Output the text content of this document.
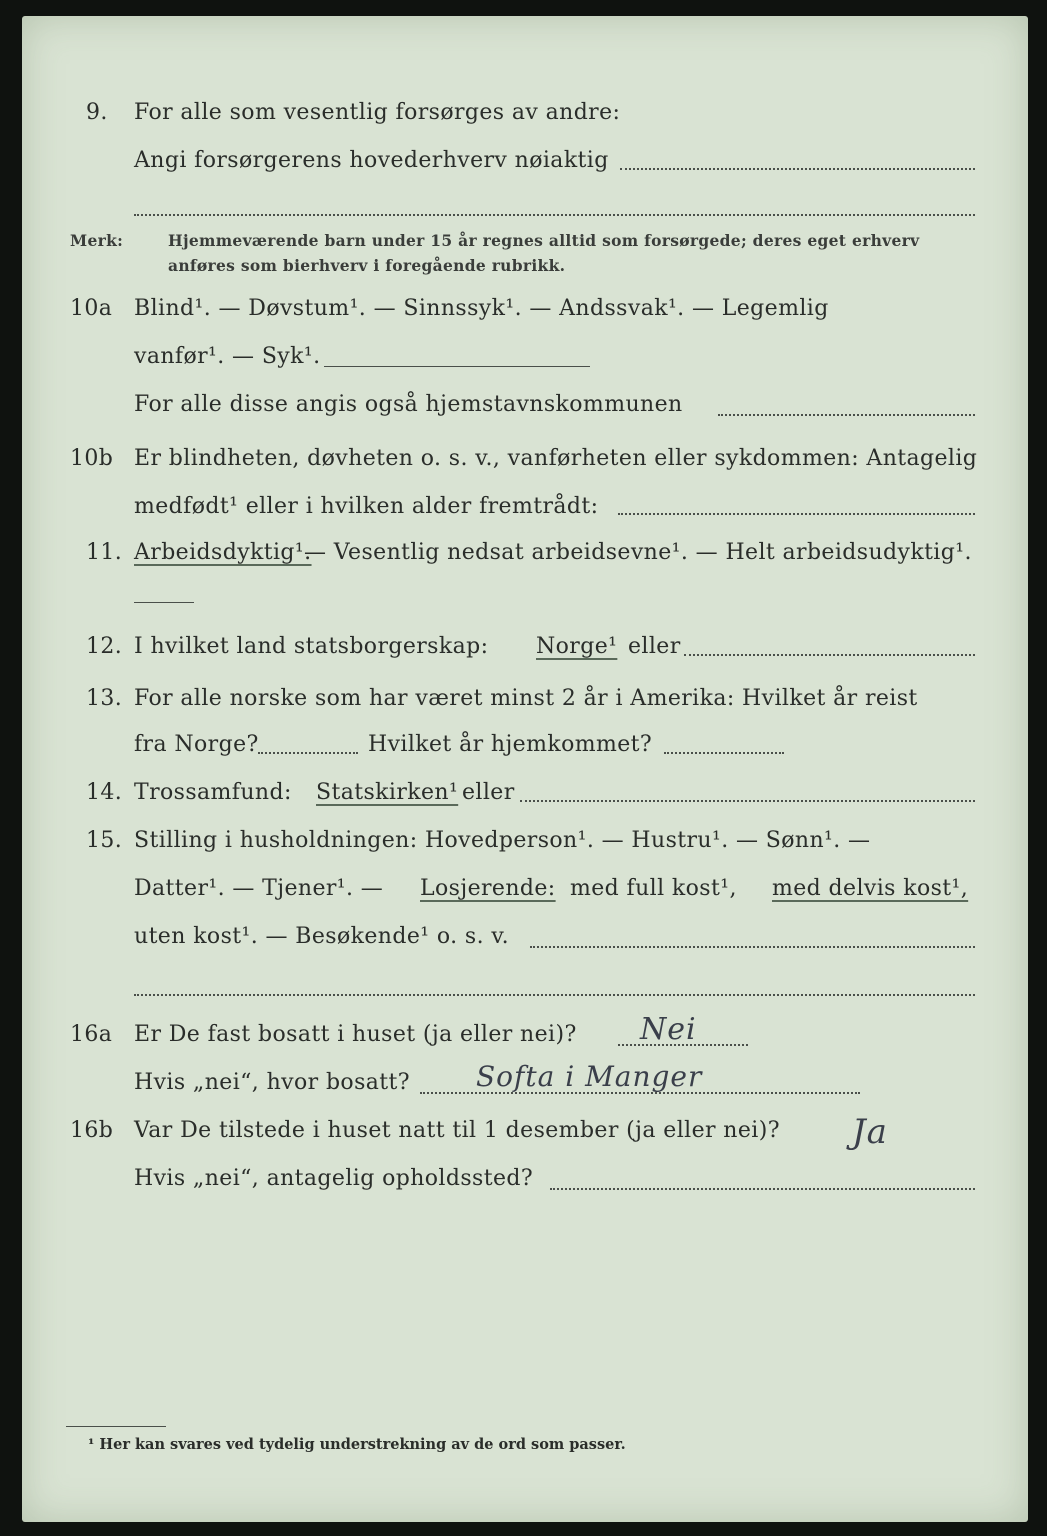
9.	For alle som vesentlig forsørges av andre:
Angi forsørgerens hovederhverv nøiaktig
Merk:	Hjemmeværende barn under 15 år regnes alltid som forsørgede; deres eget erhverv
anføres som bierhverv i foregående rubrikk.
10a Blind¹. — Døvstum¹. — Sinnssyk¹. — Andssvak¹. — Legemlig
vanfør¹. — Syk¹.
For alle disse angis også hjemstavnskommunen
10b Er blindheten, døvheten o. s. v., vanførheten eller sykdommen: Antagelig
medfødt¹ eller i hvilken alder fremtrådt:
11. Arbeidsdyktig¹.
— Vesentlig nedsat arbeidsevne¹. — Helt arbeidsudyktig¹.
12. I hvilket land statsborgerskap: Norge¹ eller
13. For alle norske som har været minst 2 år i Amerika: Hvilket år reist
fra Norge?	Hvilket år hjemkommet?
14. Trossamfund: Statskirken¹ eller
15. Stilling i husholdningen: Hovedperson¹. — Hustru¹. — Sønn¹. —
Datter¹. — Tjener¹. — Losjerende: med full kost¹, med delvis kost¹,
uten kost¹. — Besøkende¹ o. s. v.
16a Er De fast bosatt i huset (ja eller nei)? Nei
Hvis „nei“, hvor bosatt? Softa i Manger
16b Var De tilstede i huset natt til 1 desember (ja eller nei)? Ja
Hvis „nei“, antagelig opholdssted?
¹ Her kan svares ved tydelig understrekning av de ord som passer.
